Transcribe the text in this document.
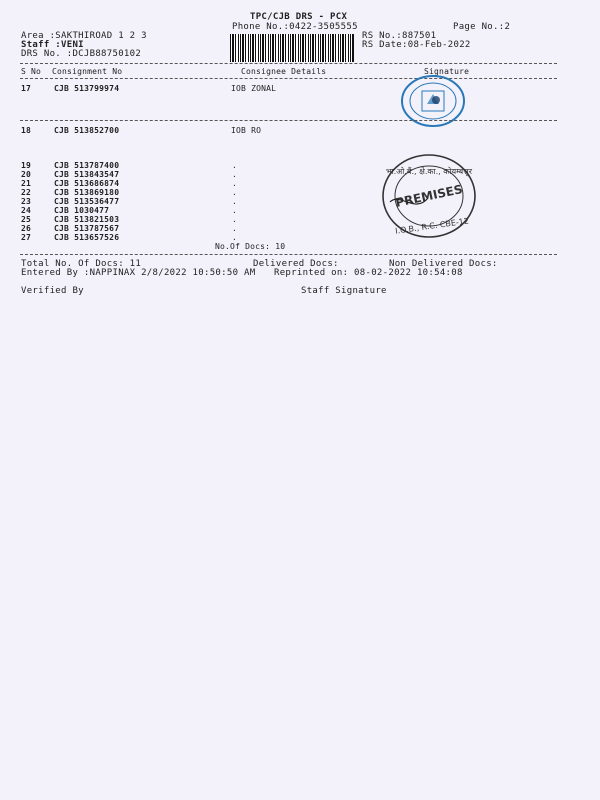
TPC/CJB DRS - PCX
Phone No.:0422-3505555	Page No.:2
Area :SAKTHIROAD 1 2 3
Staff :VENI
DRS No. :DCJB88750102
RS No.:887501
RS Date:08-Feb-2022
S No Consignment No	Consignee Details	Signature
17	CJB 513799974	IOB ZONAL
18	CJB 513852700	IOB RO
19	CJB 513787400	.
20	CJB 513843547	.
21	CJB 513686874	.
22	CJB 513869180	.
23	CJB 513536477	.
24	CJB 1030477	.
25	CJB 513821503	.
26	CJB 513787567	.
27	CJB 513657526	.
भा.ओ.बैं., क्षे.का., कोयम्बत्तूर
PREMISES
I.O.B., R.C. CBE-12
No.Of Docs: 10
Total No. Of Docs: 11	Delivered Docs:	Non Delivered Docs:
Entered By :NAPPINAX 2/8/2022 10:50:50 AM Reprinted on: 08-02-2022 10:54:08
Verified By	Staff Signature
